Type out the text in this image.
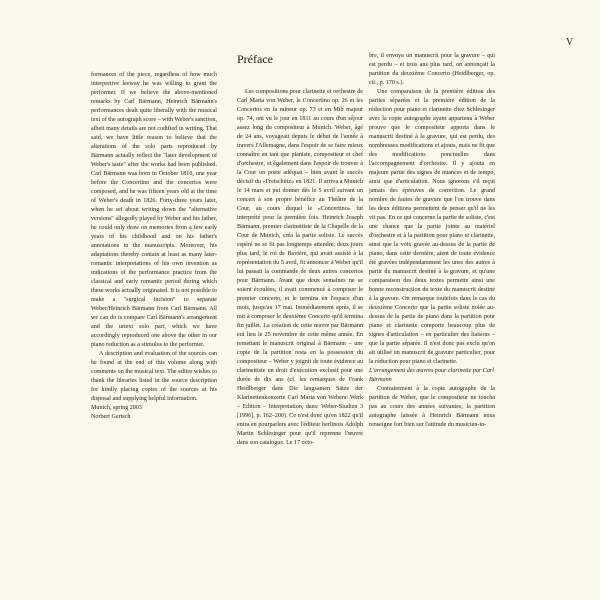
V

formances of the piece, regardless of how much interpretive leeway he was willing to grant the performer. If we believe the above-mentioned remarks by Carl Bärmann, Heinrich Bärmann's performances dealt quite liberally with the musical text of the autograph score – with Weber's sanction, albeit many details are not codified in writing. That said, we have little reason to believe that the alterations of the solo parts reproduced by Bärmann actually reflect the "later development of Weber's taste" after the works had been published. Carl Bärmann was born in October 1810, one year before the Concertino and the concertos were composed, and he was fifteen years old at the time of Weber's death in 1826. Forty-three years later, when he set about writing down the "alternative versions" allegedly played by Weber and his father, he could only draw on memories from a few early years of his childhood and on his father's annotations in the manuscripts. Moreover, his adaptations thereby contain at least as many later-romantic interpretations of his own invention as indications of the performance practice from the classical and early romantic period during which these works actually originated. It is not possible to make a "surgical incision" to separate Weber/Heinrich Bärmann from Carl Bärmann. All we can do is compare Carl Bärmann's arrangement and the urtext solo part, which we have accordingly reproduced one above the other in our piano reduction as a stimulus to the performer.

A description and evaluation of the sources can be found at the end of this volume along with comments on the musical text. The editor wishes to thank the libraries listed in the source description for kindly placing copies of the sources at his disposal and supplying helpful information.

Munich, spring 2003

Norbert Gertsch

Préface

Les compositions pour clarinette et orchestre de Carl Maria von Weber, le Concertino op. 26 et les Concertos en fa mineur op. 73 et en Mib majeur op. 74, ont vu le jour en 1811 au cours d'un séjour assez long du compositeur à Munich. Weber, âgé de 24 ans, voyageait depuis le début de l'année à travers l'Allemagne, dans l'espoir de se faire mieux connaître en tant que pianiste, compositeur et chef d'orchestre, et également dans l'espoir de trouver à la Cour un poste adéquat – bien avant le succès décisif du «Freischütz» en 1821. Il arriva à Munich le 14 mars et put donner dès le 5 avril suivant un concert à son propre bénéfice au Théâtre de la Cour, au cours duquel le «Concertino» fut interprété pour la première fois. Heinrich Joseph Bärmann, premier clarinettiste de la Chapelle de la Cour de Munich, créa la partie soliste. Le succès espéré ne se fit pas longtemps attendre; deux jours plus tard, le roi de Bavière, qui avait assisté à la représentation du 5 avril, fit annoncer à Weber qu'il lui passait la commande de deux autres concertos pour Bärmann. Avant que deux semaines ne se soient écoulées, il avait commencé à composer le premier concerto, et le termina en l'espace d'un mois, jusqu'au 17 mai. Immédiatement après, il se mit à composer le deuxième Concerto qu'il termina fin juillet. La création de cette œuvre par Bärmann eut lieu le 25 novembre de cette même année. En remettant le manuscrit original à Bärmann – une copie de la partition resta en la possession du compositeur – Weber y joignit de toute évidence au clarinettiste un droit d'exécution exclusif pour une durée de dix ans (cf. les remarques de Frank Heidlberger dans Die langsamen Sätze der Klarinettenkonzerte Carl Maria von Webers: Werk – Edition – Interpretation, dans: Weber-Studien 3 [1996], p. 162–200). Ce n'est donc qu'en 1822 qu'il entra en pourparlers avec l'éditeur berlinois Adolph Martin Schlesinger pour qu'il reprenne l'œuvre dans son catalogue. Le 17 octo-

bre, il envoya un manuscrit pour la gravure – qui est perdu – et trois ans plus tard, on annonçait la partition du deuxième Concerto (Heidlberger, op. cit., p. 170 s.).

Une comparaison de la première édition des parties séparées et la première édition de la réduction pour piano et clarinette chez Schlesinger avec la copie autographe ayant appartenu à Weber prouve que le compositeur apporta dans le manuscrit destiné à la gravure, qui est perdu, des nombreuses modifications et ajouts, mais ne fit que des modifications ponctuelles dans l'accompagnement d'orchestre. Il y ajouta en majeure partie des signes de nuances et de tempo, ainsi que d'articulation. Nous ignorons s'il reçut jamais des épreuves de correction. Le grand nombre de fautes de gravure que l'on trouve dans les deux éditions permettent de penser qu'il ne les vit pas. En ce qui concerne la partie de soliste, c'est une chance que la partie jointe au matériel d'orchestre et à la partition pour piano et clarinette, ainsi que la voix gravée au-dessus de la partie de piano, dans cette dernière, aient de toute évidence été gravées indépendamment les unes des autres à partir du manuscrit destiné à la gravure, et qu'une comparaison des deux textes permette ainsi une bonne reconstruction du texte du manuscrit destiné à la gravure. On remarque toutefois dans le cas du deuxième Concerto que la partie soliste notée au-dessus de la partie de piano dans la partition pour piano et clarinette comporte beaucoup plus de signes d'articulation – en particulier des liaisons – que la partie séparée. Il n'est donc pas exclu qu'on ait utilisé un manuscrit de gravure particulier, pour la réduction pour piano et clarinette.

L'arrangement des œuvres pour clarinette par Carl Bärmann

Contrairement à la copie autographe de la partition de Weber, que le compositeur ne toucha pas au cours des années suivantes, la partition autographe laissée à Heinrich Bärmann nous renseigne fort bien sur l'attitude du musicien-in-
